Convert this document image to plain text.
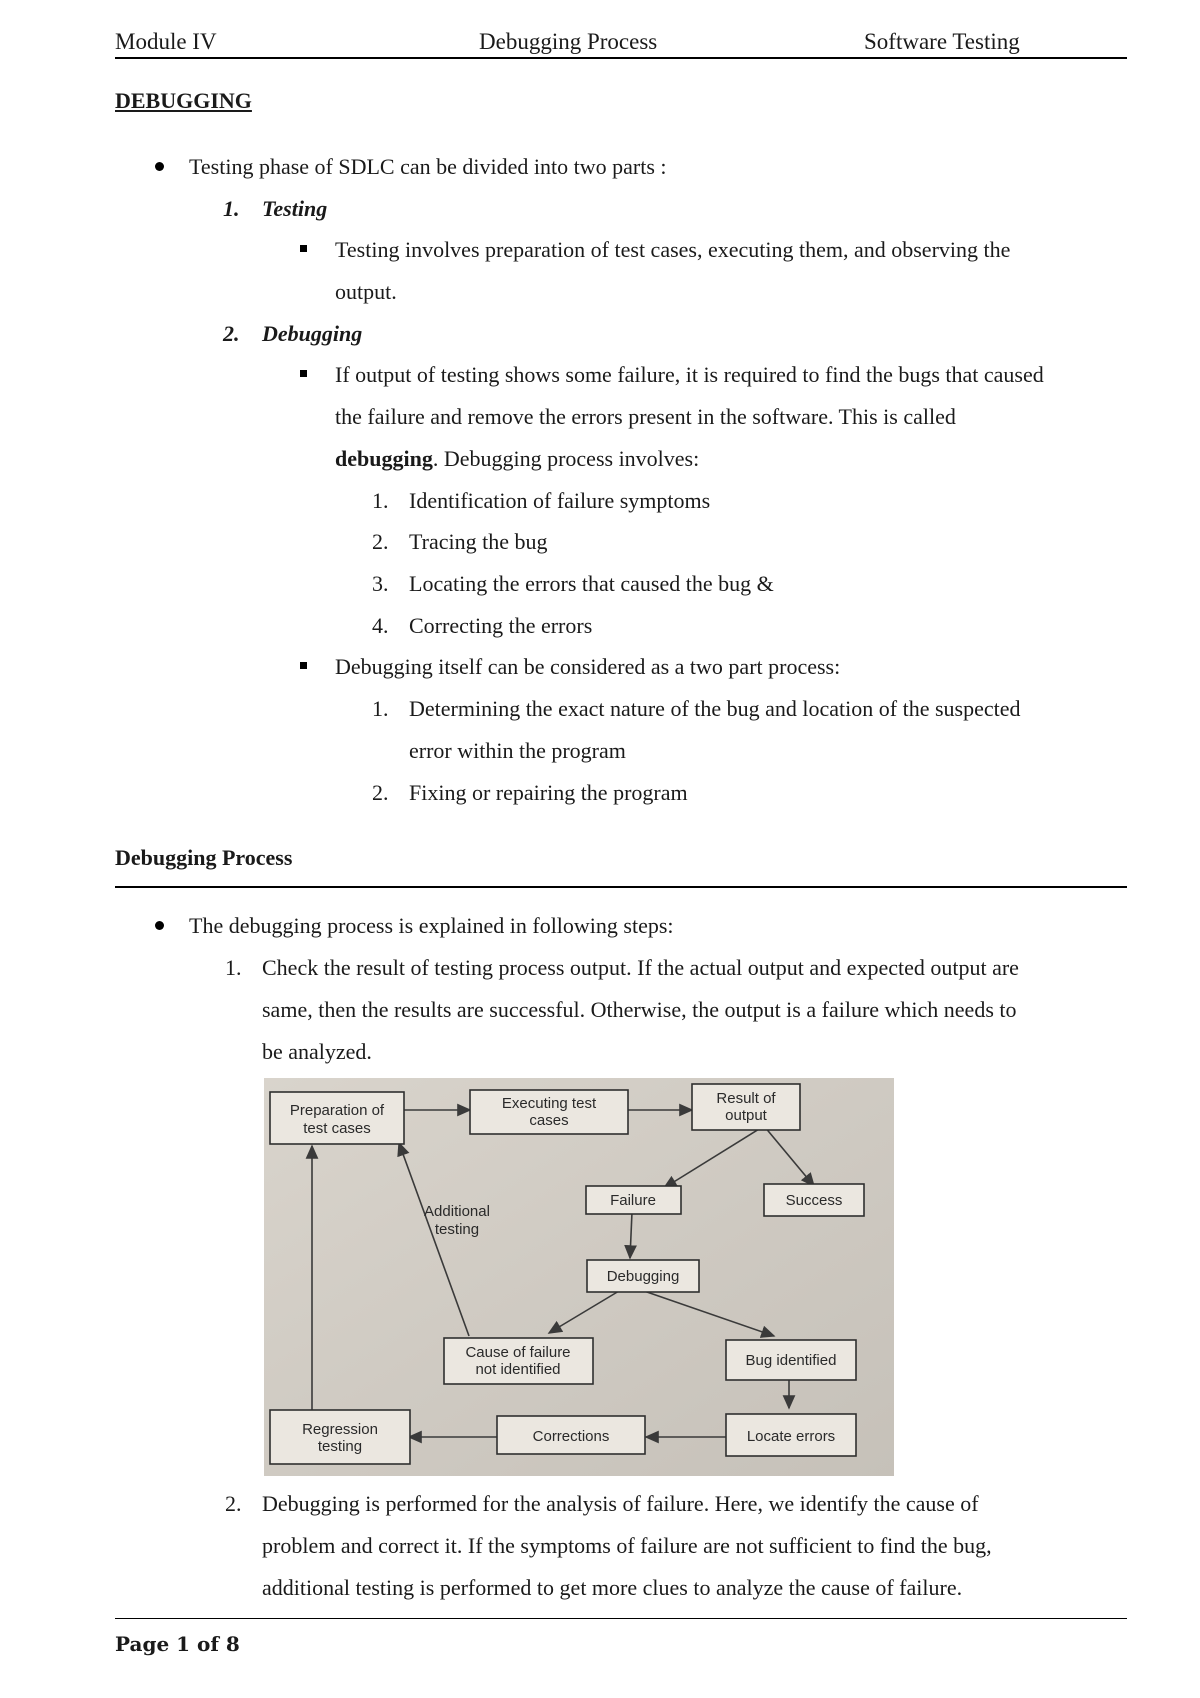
Module IV	Debugging Process	Software Testing
DEBUGGING
Testing phase of SDLC can be divided into two parts :
1. Testing
Testing involves preparation of test cases, executing them, and observing the
output.
2. Debugging
If output of testing shows some failure, it is required to find the bugs that caused
the failure and remove the errors present in the software. This is called
debugging. Debugging process involves:
1. Identification of failure symptoms
2. Tracing the bug
3. Locating the errors that caused the bug &
4. Correcting the errors
Debugging itself can be considered as a two part process:
1. Determining the exact nature of the bug and location of the suspected
error within the program
2. Fixing or repairing the program
Debugging Process
The debugging process is explained in following steps:
1. Check the result of testing process output. If the actual output and expected output are
same, then the results are successful. Otherwise, the output is a failure which needs to
be analyzed.
Preparation of
test cases
Executing test
cases
Result of
output
Failure	Success
Debugging
Cause of failure
not identified
Bug identified
Regression
testing
Corrections	Locate errors
Additional
testing
2. Debugging is performed for the analysis of failure. Here, we identify the cause of
problem and correct it. If the symptoms of failure are not sufficient to find the bug,
additional testing is performed to get more clues to analyze the cause of failure.
Page 1 of 8
